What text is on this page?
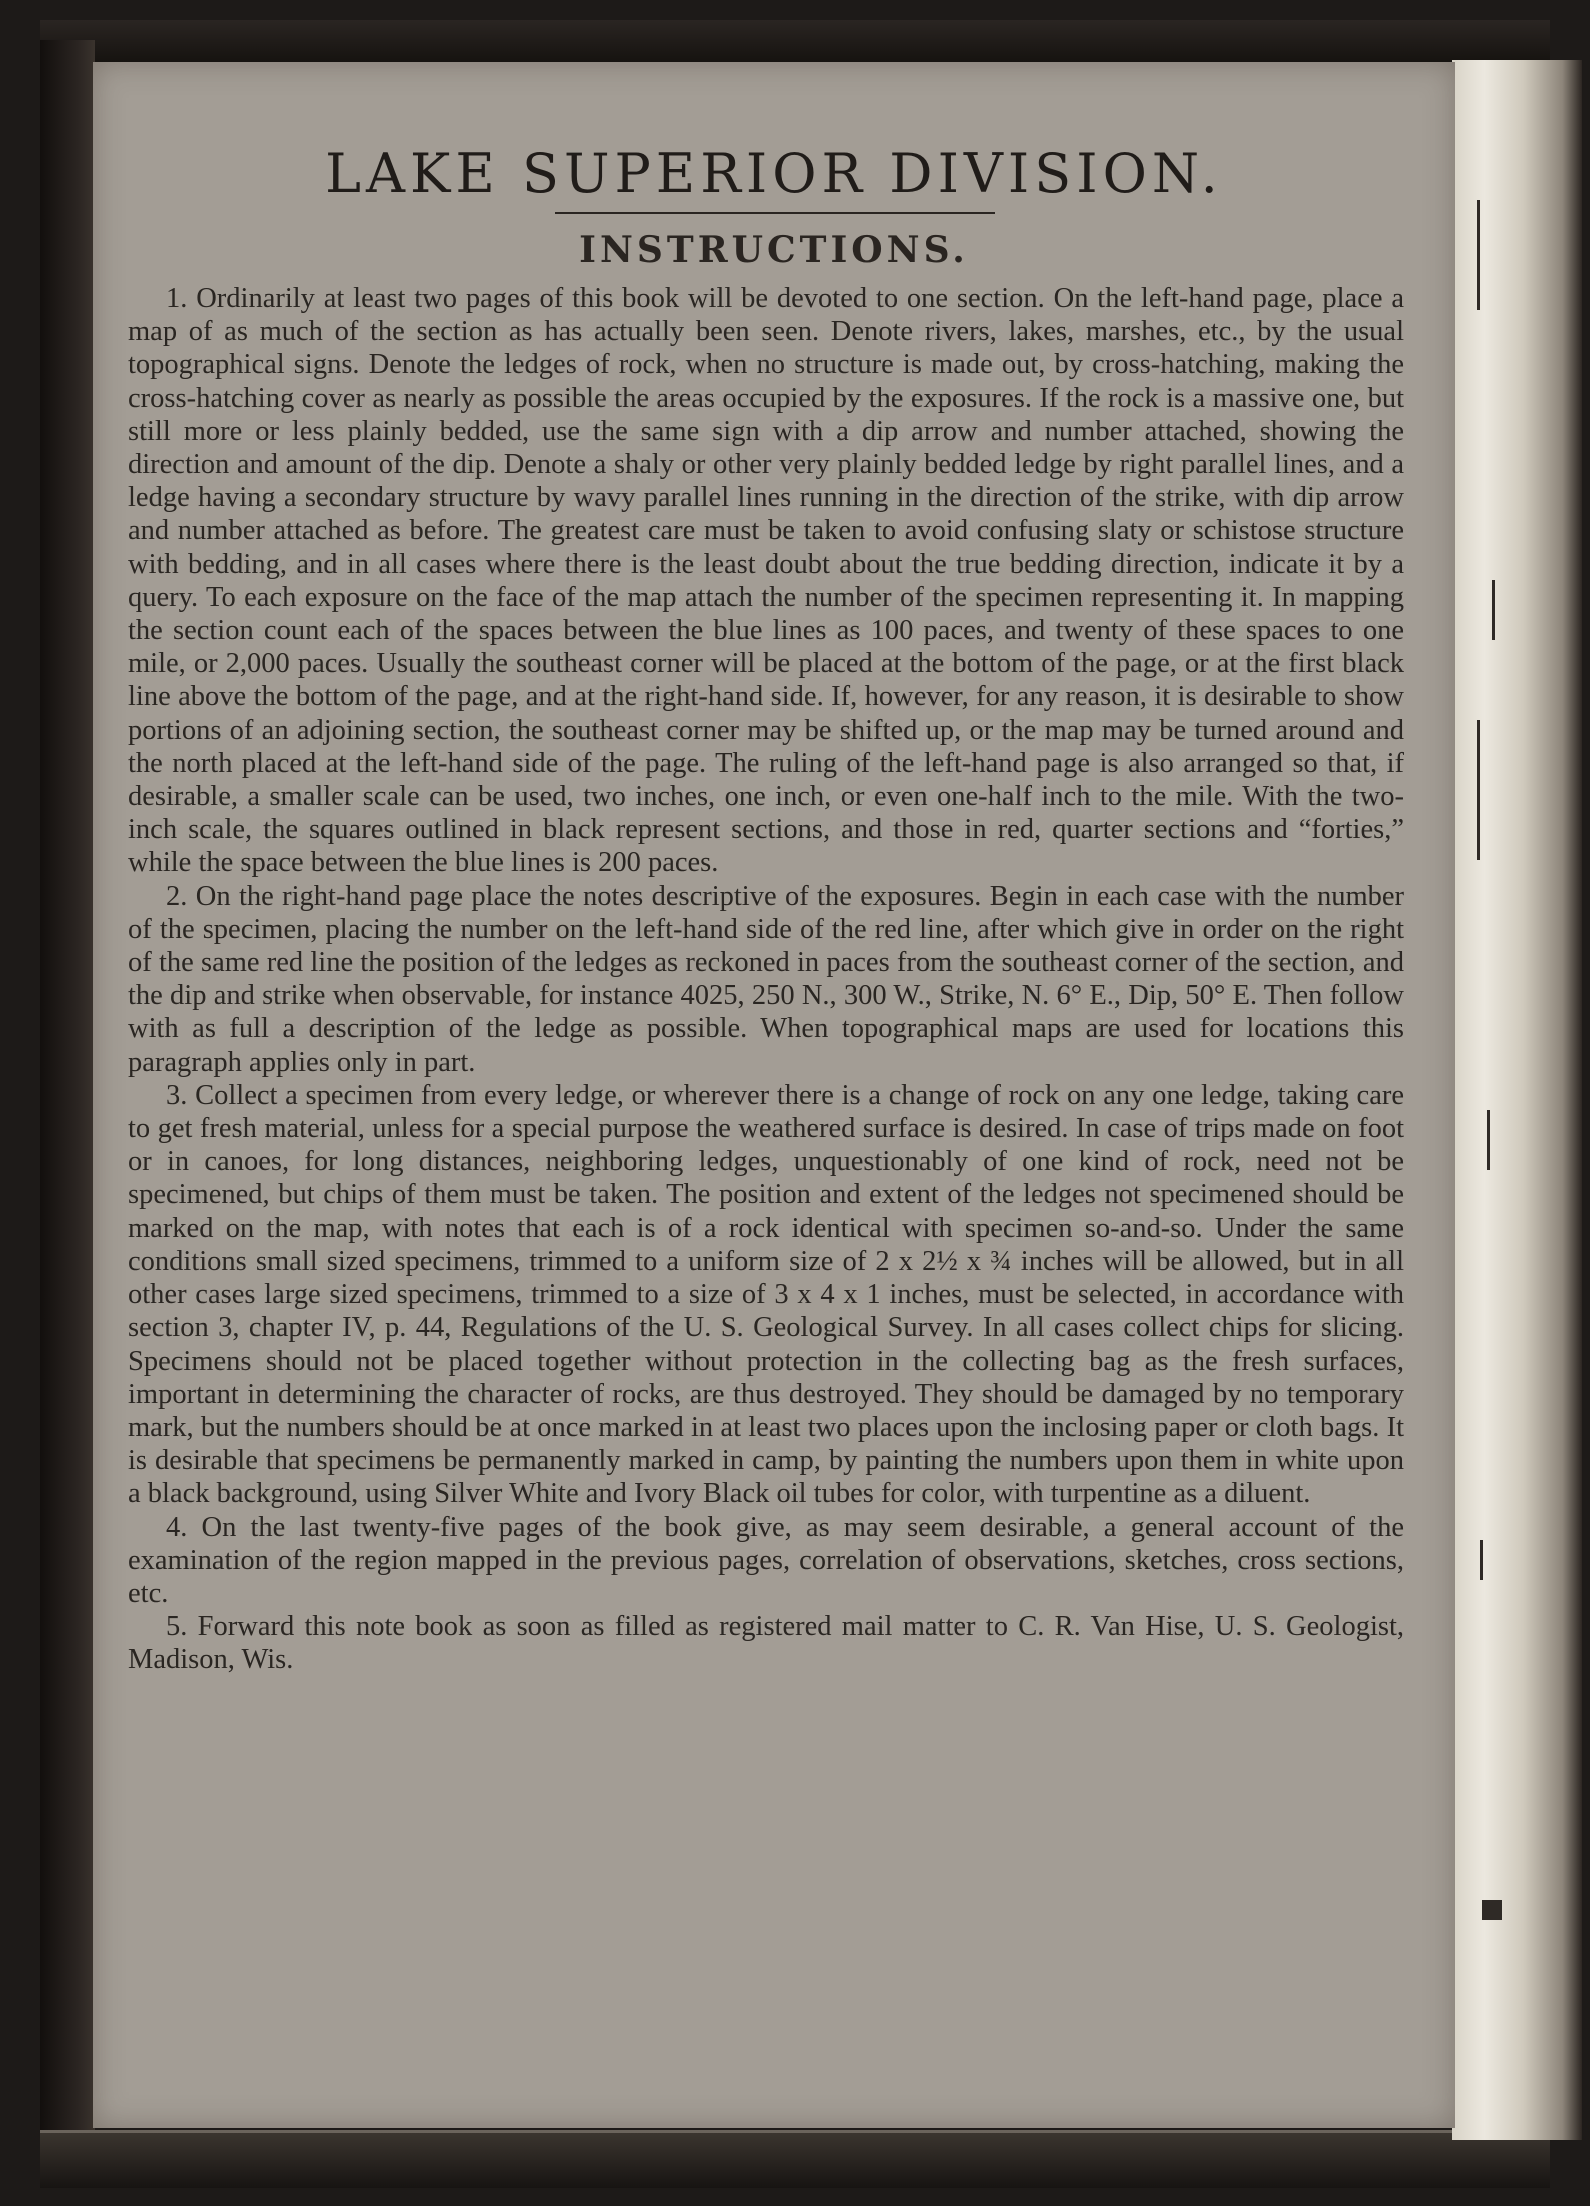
LAKE SUPERIOR DIVISION.
INSTRUCTIONS.

1. Ordinarily at least two pages of this book will be devoted to one section. On the left-hand page, place a map of as much of the section as has actually been seen. Denote rivers, lakes, marshes, etc., by the usual topographical signs. Denote the ledges of rock, when no structure is made out, by cross-hatching, making the cross-hatching cover as nearly as possible the areas occupied by the exposures. If the rock is a massive one, but still more or less plainly bedded, use the same sign with a dip arrow and number attached, showing the direction and amount of the dip. Denote a shaly or other very plainly bedded ledge by right parallel lines, and a ledge having a secondary structure by wavy parallel lines running in the direction of the strike, with dip arrow and number attached as before. The greatest care must be taken to avoid confusing slaty or schistose structure with bedding, and in all cases where there is the least doubt about the true bedding direction, indicate it by a query. To each exposure on the face of the map attach the number of the specimen representing it. In mapping the section count each of the spaces between the blue lines as 100 paces, and twenty of these spaces to one mile, or 2,000 paces. Usually the southeast corner will be placed at the bottom of the page, or at the first black line above the bottom of the page, and at the right-hand side. If, however, for any reason, it is desirable to show portions of an adjoining section, the southeast corner may be shifted up, or the map may be turned around and the north placed at the left-hand side of the page. The ruling of the left-hand page is also arranged so that, if desirable, a smaller scale can be used, two inches, one inch, or even one-half inch to the mile. With the two-inch scale, the squares outlined in black represent sections, and those in red, quarter sections and “forties,” while the space between the blue lines is 200 paces.

2. On the right-hand page place the notes descriptive of the exposures. Begin in each case with the number of the specimen, placing the number on the left-hand side of the red line, after which give in order on the right of the same red line the position of the ledges as reckoned in paces from the southeast corner of the section, and the dip and strike when observable, for instance 4025, 250 N., 300 W., Strike, N. 6° E., Dip, 50° E. Then follow with as full a description of the ledge as possible. When topographical maps are used for locations this paragraph applies only in part.

3. Collect a specimen from every ledge, or wherever there is a change of rock on any one ledge, taking care to get fresh material, unless for a special purpose the weathered surface is desired. In case of trips made on foot or in canoes, for long distances, neighboring ledges, unquestionably of one kind of rock, need not be specimened, but chips of them must be taken. The position and extent of the ledges not specimened should be marked on the map, with notes that each is of a rock identical with specimen so-and-so. Under the same conditions small sized specimens, trimmed to a uniform size of 2 x 2½ x ¾ inches will be allowed, but in all other cases large sized specimens, trimmed to a size of 3 x 4 x 1 inches, must be selected, in accordance with section 3, chapter IV, p. 44, Regulations of the U. S. Geological Survey. In all cases collect chips for slicing. Specimens should not be placed together without protection in the collecting bag as the fresh surfaces, important in determining the character of rocks, are thus destroyed. They should be damaged by no temporary mark, but the numbers should be at once marked in at least two places upon the inclosing paper or cloth bags. It is desirable that specimens be permanently marked in camp, by painting the numbers upon them in white upon a black background, using Silver White and Ivory Black oil tubes for color, with turpentine as a diluent.

4. On the last twenty-five pages of the book give, as may seem desirable, a general account of the examination of the region mapped in the previous pages, correlation of observations, sketches, cross sections, etc.

5. Forward this note book as soon as filled as registered mail matter to C. R. Van Hise, U. S. Geologist, Madison, Wis.
